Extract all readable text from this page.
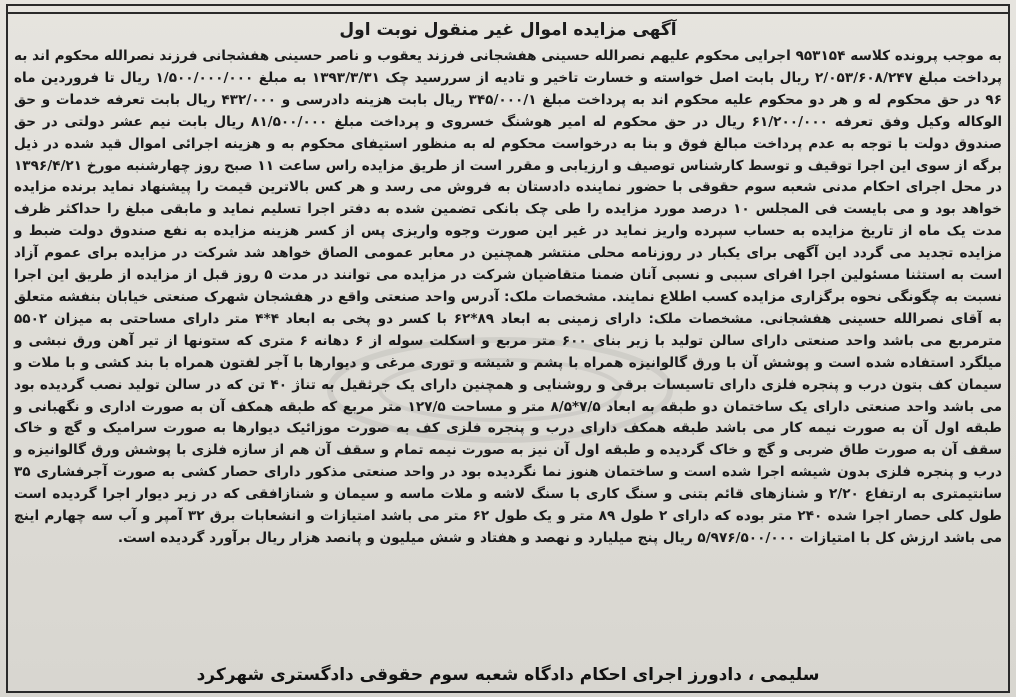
آگهی مزایده اموال غیر منقول نوبت اول

به موجب پرونده کلاسه ۹۵۳۱۵۴ اجرایی محکوم علیهم نصرالله حسینی هفشجانی فرزند یعقوب و ناصر حسینی هفشجانی فرزند نصرالله محکوم اند به پرداخت مبلغ ۲/۰۵۳/۶۰۸/۲۴۷ ریال بابت اصل خواسته و خسارت تاخیر و تادیه از سررسید چک ۱۳۹۳/۳/۳۱ به مبلغ ۱/۵۰۰/۰۰۰/۰۰۰ ریال تا فروردین ماه ۹۶ در حق محکوم له و هر دو محکوم علیه محکوم اند به پرداخت مبلغ ۳۴۵/۰۰۰/۱ ریال بابت هزینه دادرسی و ۴۳۲/۰۰۰ ریال بابت تعرفه خدمات و حق الوکاله وکیل وفق تعرفه ۶۱/۲۰۰/۰۰۰ ریال در حق محکوم له امیر هوشنگ خسروی و پرداخت مبلغ ۸۱/۵۰۰/۰۰۰ ریال بابت نیم عشر دولتی در حق صندوق دولت با توجه به عدم پرداخت مبالغ فوق و بنا به درخواست محکوم له به منظور استیفای محکوم به و هزینه اجرائی اموال قید شده در ذیل برگه از سوی این اجرا توقیف و توسط کارشناس توصیف و ارزیابی و مقرر است از طریق مزایده راس ساعت ۱۱ صبح روز چهارشنبه مورخ ۱۳۹۶/۴/۲۱ در محل اجرای احکام مدنی شعبه سوم حقوقی با حضور نماینده دادستان به فروش می رسد و هر کس بالاترین قیمت را پیشنهاد نماید برنده مزایده خواهد بود و می بایست فی المجلس ۱۰ درصد مورد مزایده را طی چک بانکی تضمین شده به دفتر اجرا تسلیم نماید و مابقی مبلغ را حداکثر ظرف مدت یک ماه از تاریخ مزایده به حساب سپرده واریز نماید در غیر این صورت وجوه واریزی پس از کسر هزینه مزایده به نفع صندوق دولت ضبط و مزایده تجدید می گردد این آگهی برای یکبار در روزنامه محلی منتشر همچنین در معابر عمومی الصاق خواهد شد شرکت در مزایده برای عموم آزاد است به استثنا مسئولین اجرا افرای سببی و نسبی آنان ضمنا متقاضیان شرکت در مزایده می توانند در مدت ۵ روز قبل از مزایده از طریق این اجرا نسبت به چگونگی نحوه برگزاری مزایده کسب اطلاع نمایند. مشخصات ملک: آدرس واحد صنعتی واقع در هفشجان شهرک صنعتی خیابان بنفشه متعلق به آقای نصرالله حسینی هفشجانی. مشخصات ملک: دارای زمینی به ابعاد ۸۹*۶۲ با کسر دو پخی به ابعاد ۴*۴ متر دارای مساحتی به میزان ۵۵۰۲ مترمربع می باشد واحد صنعتی دارای سالن تولید با زیر بنای ۶۰۰ متر مربع و اسکلت سوله از ۶ دهانه ۶ متری که ستونها از تیر آهن ورق نبشی و میلگرد استفاده شده است و پوشش آن با ورق گالوانیزه همراه با پشم و شیشه و توری مرغی و دیوارها با آجر لفتون همراه با بند کشی و با ملات و سیمان کف بتون درب و پنجره فلزی دارای تاسیسات برقی و روشنایی و همچنین دارای یک جرثقیل به تناژ ۴۰ تن که در سالن تولید نصب گردیده بود می باشد واحد صنعتی دارای یک ساختمان دو طبقه به ابعاد ۷/۵*۸/۵ متر و مساحت ۱۲۷/۵ متر مربع که طبقه همکف آن به صورت اداری و نگهبانی و طبقه اول آن به صورت نیمه کار می باشد طبقه همکف دارای درب و پنجره فلزی کف به صورت موزائیک دیوارها به صورت سرامیک و گچ و خاک سقف آن به صورت طاق ضربی و گچ و خاک گردیده و طبقه اول آن نیز به صورت نیمه تمام و سقف آن هم از سازه فلزی با پوشش ورق گالوانیزه و درب و پنجره فلزی بدون شیشه اجرا شده است و ساختمان هنوز نما نگردیده بود در واحد صنعتی مذکور دارای حصار کشی به صورت آجرفشاری ۳۵ سانتیمتری به ارتفاع ۲/۲۰ و شنازهای قائم بتنی و سنگ کاری با سنگ لاشه و ملات ماسه و سیمان و شنازافقی که در زیر دیوار اجرا گردیده است طول کلی حصار اجرا شده ۲۴۰ متر بوده که دارای ۲ طول ۸۹ متر و یک طول ۶۲ متر می باشد امتیازات و انشعابات برق ۳۲ آمپر و آب سه چهارم اینچ می باشد ارزش کل با امتیازات ۵/۹۷۶/۵۰۰/۰۰۰ ریال پنج میلیارد و نهصد و هفتاد و شش میلیون و پانصد هزار ریال برآورد گردیده است.

سلیمی ، دادورز اجرای احکام دادگاه شعبه سوم حقوقی دادگستری شهرکرد
